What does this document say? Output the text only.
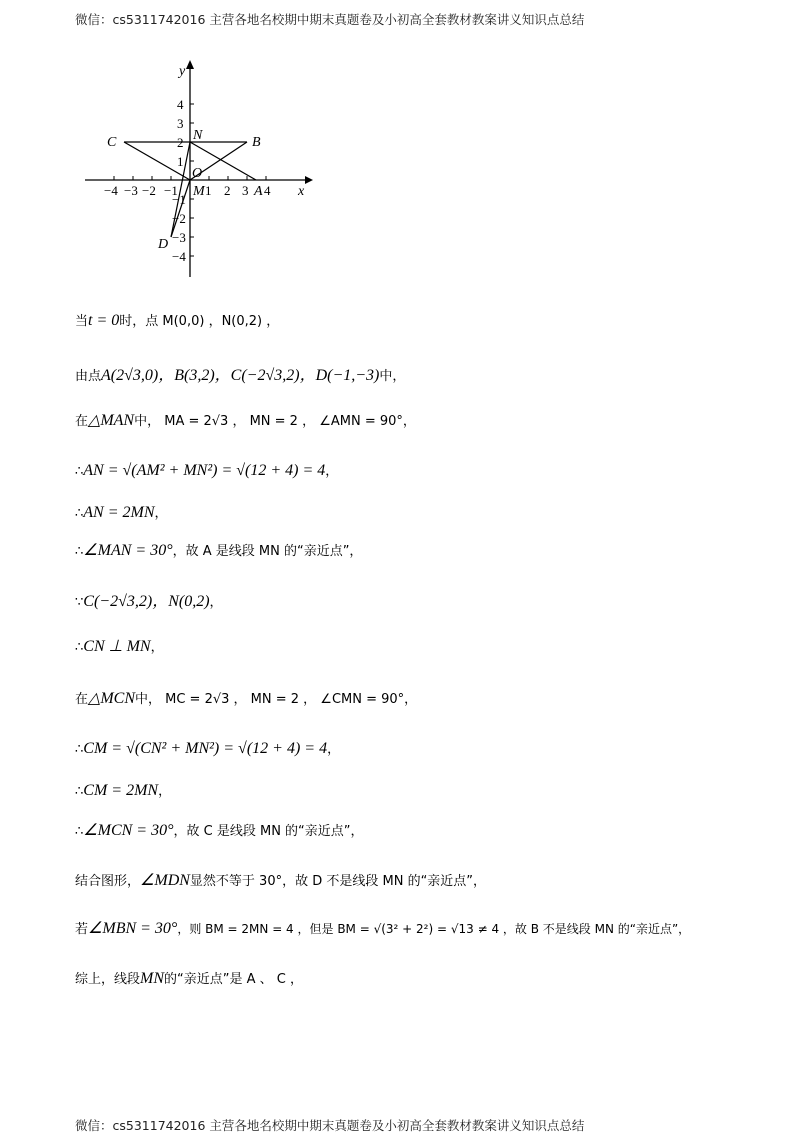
微信：cs5311742016 主营各地名校期中期末真题卷及小初高全套教材教案讲义知识点总结
−4 −3 −2 −1 1 2 3 4
4
3
2
1
−1
−2
−3
−4
x
y
C	N	B
O
M	A
D
当 t = 0 时，点 M(0,0) ，N(0,2) ，
由点 A(2√3,0)，B(3,2)，C(−2√3,2)，D(−1,−3) 中，
在 △MAN 中， MA = 2√3 ， MN = 2 ， ∠AMN = 90°，
∴ AN = √(AM² + MN²) = √(12 + 4) = 4 ，
∴ AN = 2MN ，
∴ ∠MAN = 30° ，故 A 是线段 MN 的“亲近点”，
∵ C(−2√3,2)，N(0,2) ，
∴ CN ⊥ MN ，
在 △MCN 中， MC = 2√3 ， MN = 2 ， ∠CMN = 90°，
∴ CM = √(CN² + MN²) = √(12 + 4) = 4 ，
∴ CM = 2MN ，
∴ ∠MCN = 30° ，故 C 是线段 MN 的“亲近点”，
结合图形， ∠MDN 显然不等于 30°，故 D 不是线段 MN 的“亲近点”，
若 ∠MBN = 30° ，则 BM = 2MN = 4 ，但是 BM = √(3² + 2²) = √13 ≠ 4 ，故 B 不是线段 MN 的“亲近点”，
综上，线段 MN 的“亲近点”是 A 、 C ，
微信：cs5311742016 主营各地名校期中期末真题卷及小初高全套教材教案讲义知识点总结
